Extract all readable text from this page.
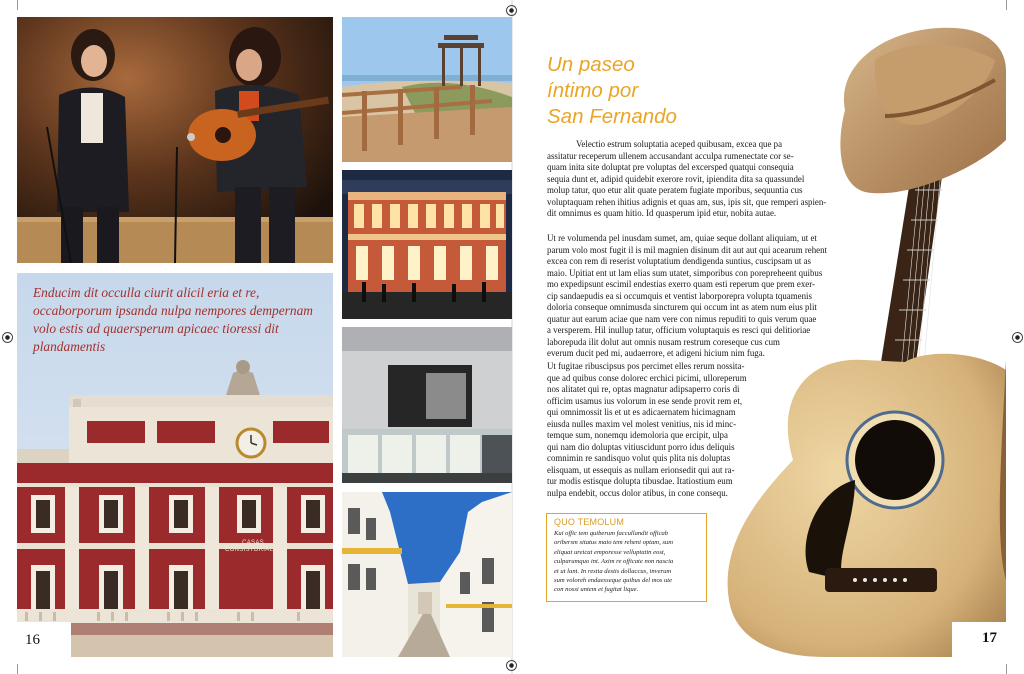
CASAS CONSISTORIALES
Enducim dit occulla ciurit alicil eria et re, occaborporum ipsanda nulpa nempores dempernam volo estis ad quaersperum apicaec tioressi dit plandamentis
16
Un paseo
íntimo por
San Fernando

Velectio estrum soluptatia aceped quibusam, excea que pa

assitatur receperum ullenem accusandant acculpa rumenectate cor se-

quam inita site doluptat pre voluptas del excersped quatqui consequia

sequia dunt et, adipid quidebit exerore rovit, ipiendita dita sa quassundel

molup tatur, quo etur alit quate peratem fugiate mporibus, sequuntia cus

voluptaquam rehen ihitius adignis et quas am, sus, ipis sit, que remperi aspien-

dit omnimus es quam hitio. Id quasperum ipid etur, nobita autae.

Ut re volumenda pel inusdam sumet, am, quiae seque dollant aliquiam, ut et

parum volo most fugit il is mil magnien disinum dit aut aut qui acearum rehent

excea con rem di reserist voluptatium dendigenda suntius, cuscipsam ut as

maio. Upitiat ent ut lam elias sum utatet, simporibus con porepreheent quibus

mo expedipsunt escimil endestias exerro quam esti reperum que prem exer-

cip sandaepudis ea si occumquis et ventist laborporepra volupta tquamenis

doloria conseque omnimusda sincturem qui occum int as atem num eius plit

quatur aut earum aciae que nam vere con nimus repuditi to quis verum quae

a versperem. Hil inullup tatur, officium voluptaquis es resci qui delitioriae

laborepuda ilit dolut aut omnis nusam restrum coreseque cus cum

everum ducit ped mi, audaerrore, et adigeni hicium nim fuga.

Ut fugitae ribuscipsus pos percimet elles rerum nossita-

que ad quibus conse dolorec erchici picimi, ulloreperum

nos alitatet qui re, optas magnatur adipsaperro coris di

officim usamus ius volorum in ese sende provit rem et,

qui omnimossit lis et ut es adicaernatem hicimagnam

eiusda nulles maxim vel molest venitius, nis id minc-

temque sum, nonemqu idemoloria que ercipit, ulpa

qui nam dio doluptas vitiuscidunt porro idus deliquis

comnimin re sandisquo volut quis plita nis doluptas

elisquam, ut essequis as nullam erionsedit qui aut ra-

tur modis estisque dolupta tibusdae. Itatiostium eum

nulpa endebit, occus dolor atibus, in cone consequ.

QUO TEMOLUM
Kui offic tem quiberum faccullandit officab
oribersm sitatus maio tem reheni optam, sum
eliquat ureicat emporesse velluptatin eost,
culparumquo int. Axim re officate non nascia
et ut lant. In restia destis dollaccus, inverum
sum voloreh endaesseque quibus del mos ute
con nossi untem et fugitat lique.
17
